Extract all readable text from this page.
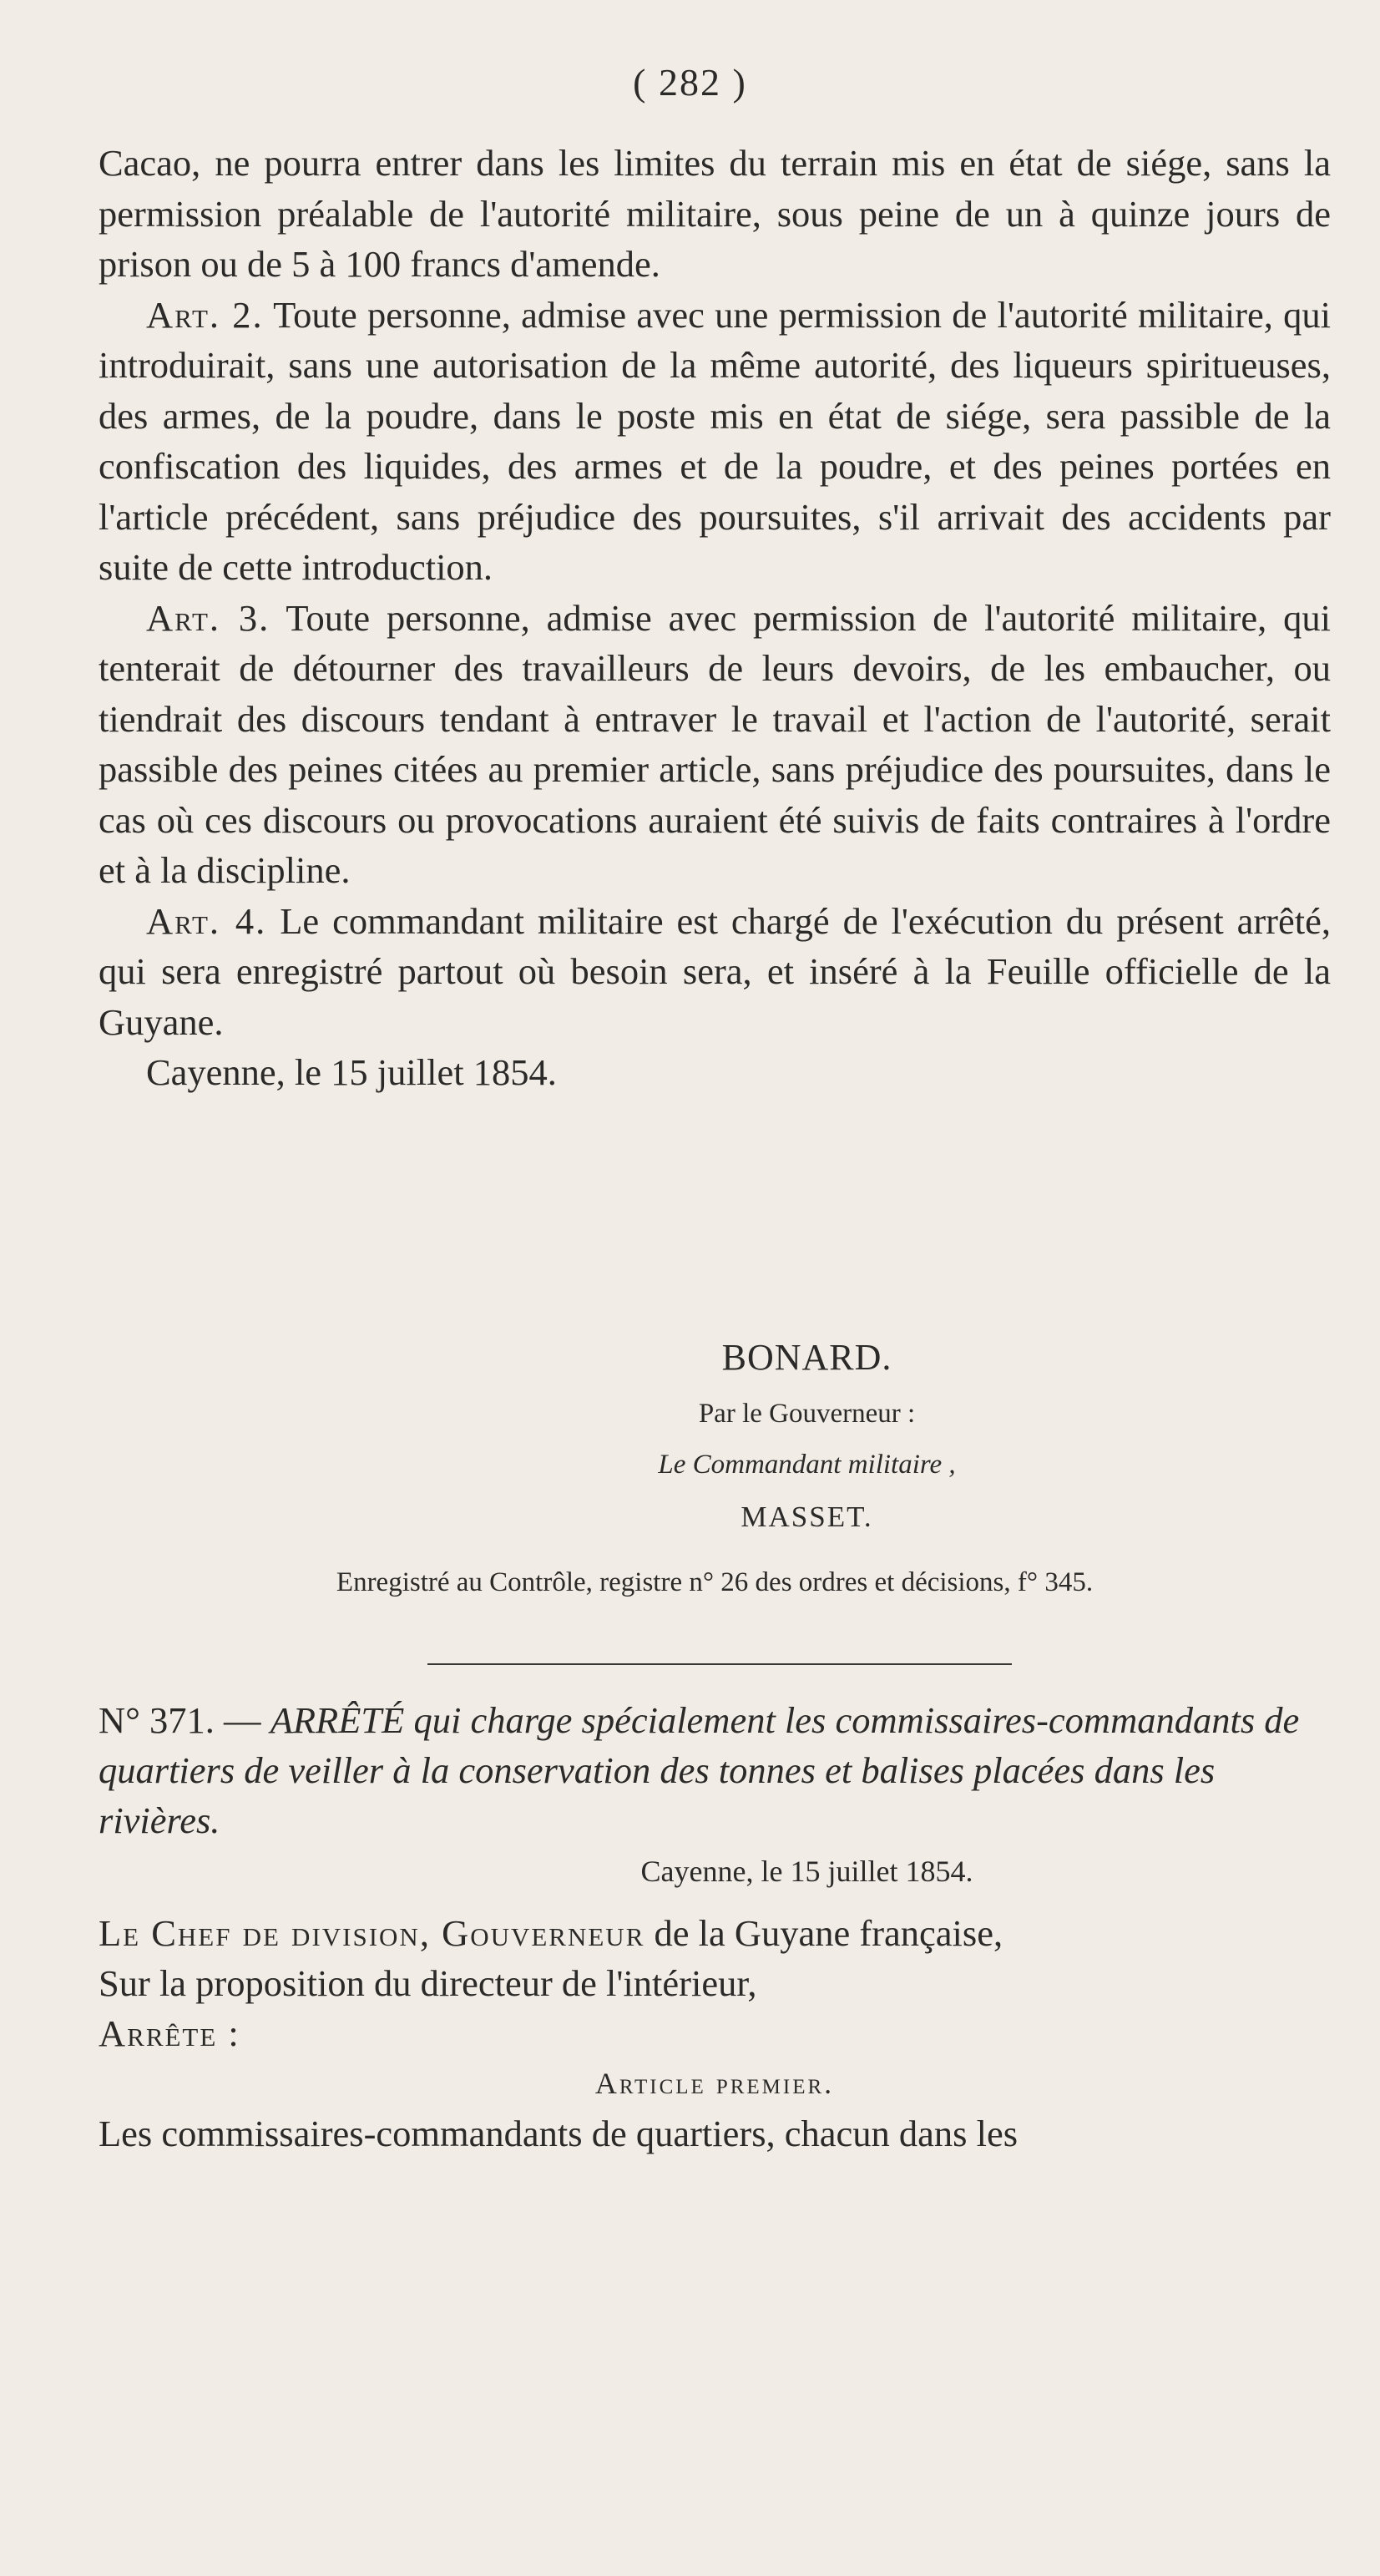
( 282 )

Cacao, ne pourra entrer dans les limites du terrain mis en état de siége, sans la permission préalable de l'autorité militaire, sous peine de un à quinze jours de prison ou de 5 à 100 francs d'amende.

Art. 2. Toute personne, admise avec une permission de l'autorité militaire, qui introduirait, sans une autorisation de la même autorité, des liqueurs spiritueuses, des armes, de la poudre, dans le poste mis en état de siége, sera passible de la confiscation des liquides, des armes et de la poudre, et des peines portées en l'article précédent, sans préjudice des poursuites, s'il arrivait des accidents par suite de cette introduction.

Art. 3. Toute personne, admise avec permission de l'autorité militaire, qui tenterait de détourner des travailleurs de leurs devoirs, de les embaucher, ou tiendrait des discours tendant à entraver le travail et l'action de l'autorité, serait passible des peines citées au premier article, sans préjudice des poursuites, dans le cas où ces discours ou provocations auraient été suivis de faits contraires à l'ordre et à la discipline.

Art. 4. Le commandant militaire est chargé de l'exécution du présent arrêté, qui sera enregistré partout où besoin sera, et inséré à la Feuille officielle de la Guyane.

Cayenne, le 15 juillet 1854.

BONARD.
Par le Gouverneur :
Le Commandant militaire ,
MASSET.
Enregistré au Contrôle, registre n° 26 des ordres et décisions, f° 345.
N° 371. — ARRÊTÉ qui charge spécialement les commissaires-commandants de quartiers de veiller à la conservation des tonnes et balises placées dans les rivières.
Cayenne, le 15 juillet 1854.

Le Chef de division, Gouverneur de la Guyane française,

Sur la proposition du directeur de l'intérieur,

Arrête :

Article premier.

Les commissaires-commandants de quartiers, chacun dans les
